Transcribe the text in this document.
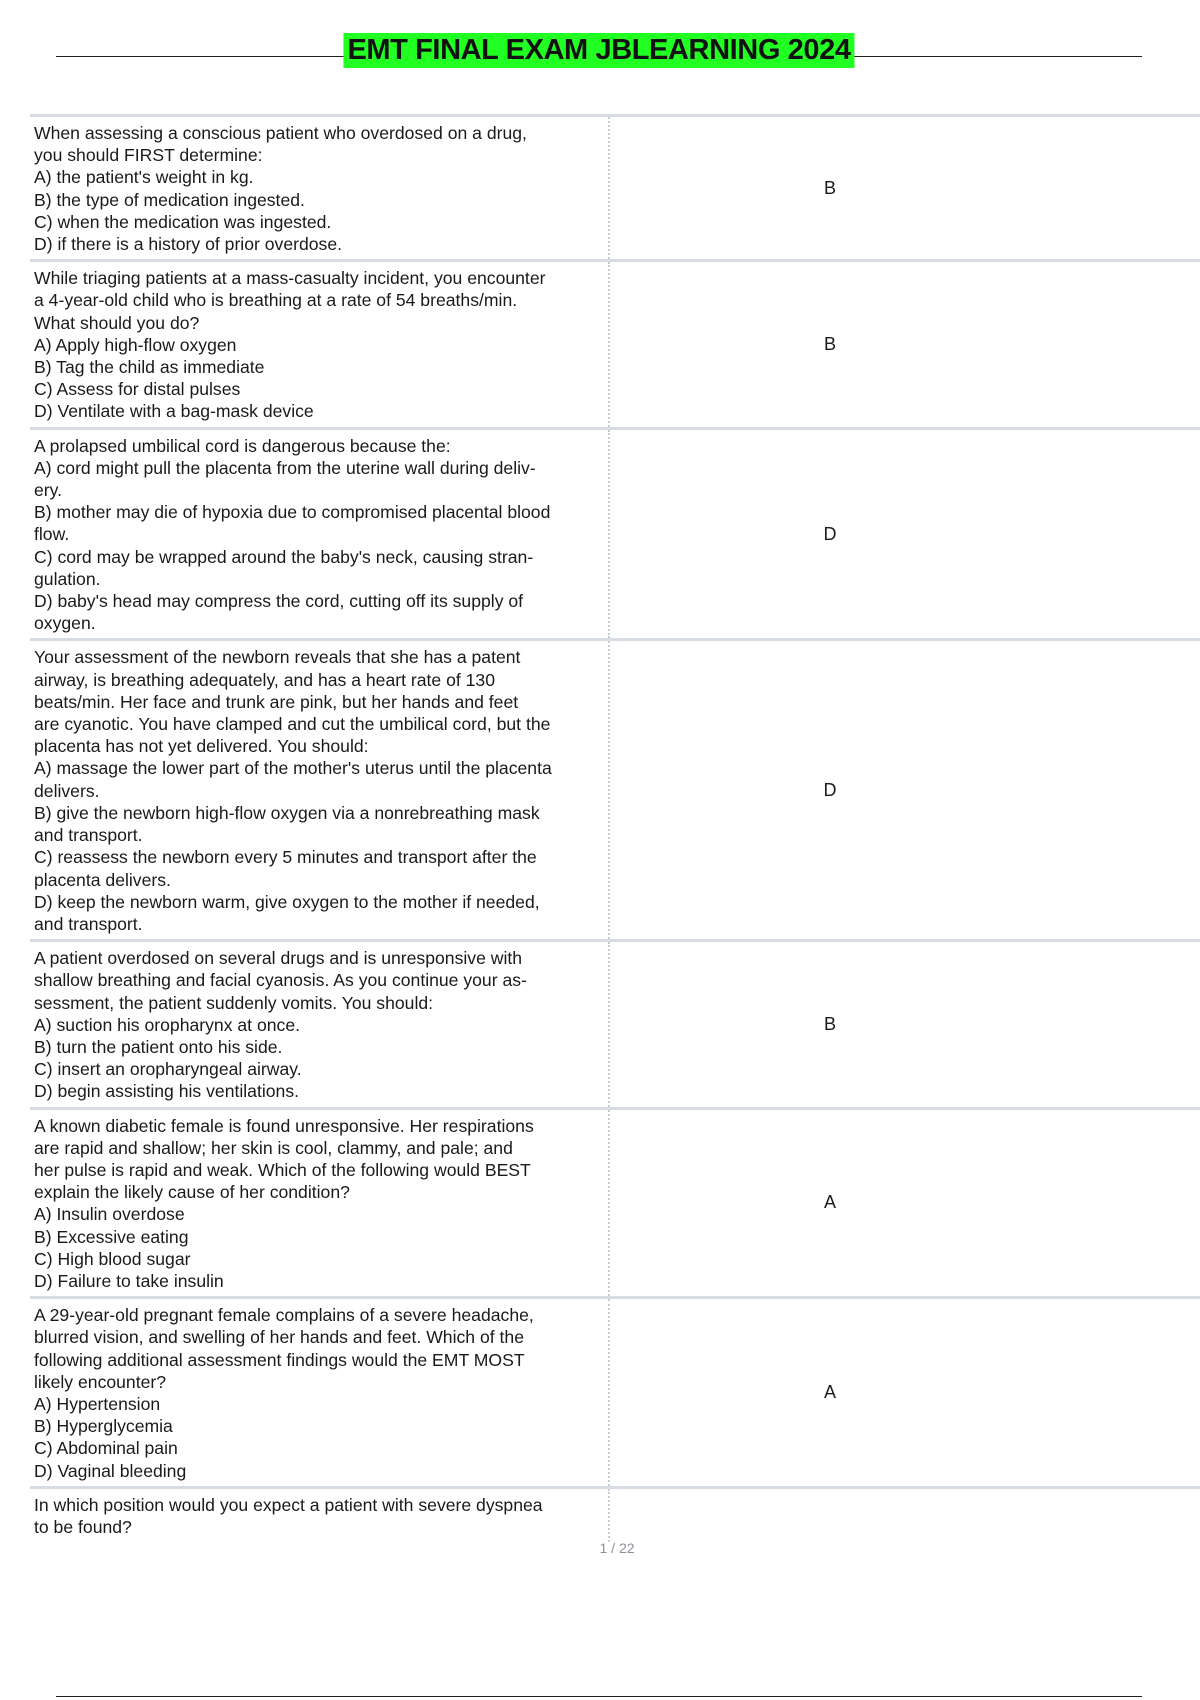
EMT FINAL EXAM JBLEARNING 2024
When assessing a conscious patient who overdosed on a drug,
you should FIRST determine:
A) the patient's weight in kg.
B) the type of medication ingested.
C) when the medication was ingested.
D) if there is a history of prior overdose.
B
While triaging patients at a mass-casualty incident, you encounter
a 4-year-old child who is breathing at a rate of 54 breaths/min.
What should you do?
A) Apply high-flow oxygen
B) Tag the child as immediate
C) Assess for distal pulses
D) Ventilate with a bag-mask device
B
A prolapsed umbilical cord is dangerous because the:
A) cord might pull the placenta from the uterine wall during deliv-
ery.
B) mother may die of hypoxia due to compromised placental blood
flow.
C) cord may be wrapped around the baby's neck, causing stran-
gulation.
D) baby's head may compress the cord, cutting off its supply of
oxygen.
D
Your assessment of the newborn reveals that she has a patent
airway, is breathing adequately, and has a heart rate of 130
beats/min. Her face and trunk are pink, but her hands and feet
are cyanotic. You have clamped and cut the umbilical cord, but the
placenta has not yet delivered. You should:
A) massage the lower part of the mother's uterus until the placenta
delivers.
B) give the newborn high-flow oxygen via a nonrebreathing mask
and transport.
C) reassess the newborn every 5 minutes and transport after the
placenta delivers.
D) keep the newborn warm, give oxygen to the mother if needed,
and transport.
D
A patient overdosed on several drugs and is unresponsive with
shallow breathing and facial cyanosis. As you continue your as-
sessment, the patient suddenly vomits. You should:
A) suction his oropharynx at once.
B) turn the patient onto his side.
C) insert an oropharyngeal airway.
D) begin assisting his ventilations.
B
A known diabetic female is found unresponsive. Her respirations
are rapid and shallow; her skin is cool, clammy, and pale; and
her pulse is rapid and weak. Which of the following would BEST
explain the likely cause of her condition?
A) Insulin overdose
B) Excessive eating
C) High blood sugar
D) Failure to take insulin
A
A 29-year-old pregnant female complains of a severe headache,
blurred vision, and swelling of her hands and feet. Which of the
following additional assessment findings would the EMT MOST
likely encounter?
A) Hypertension
B) Hyperglycemia
C) Abdominal pain
D) Vaginal bleeding
A
In which position would you expect a patient with severe dyspnea
to be found?
1 / 22
